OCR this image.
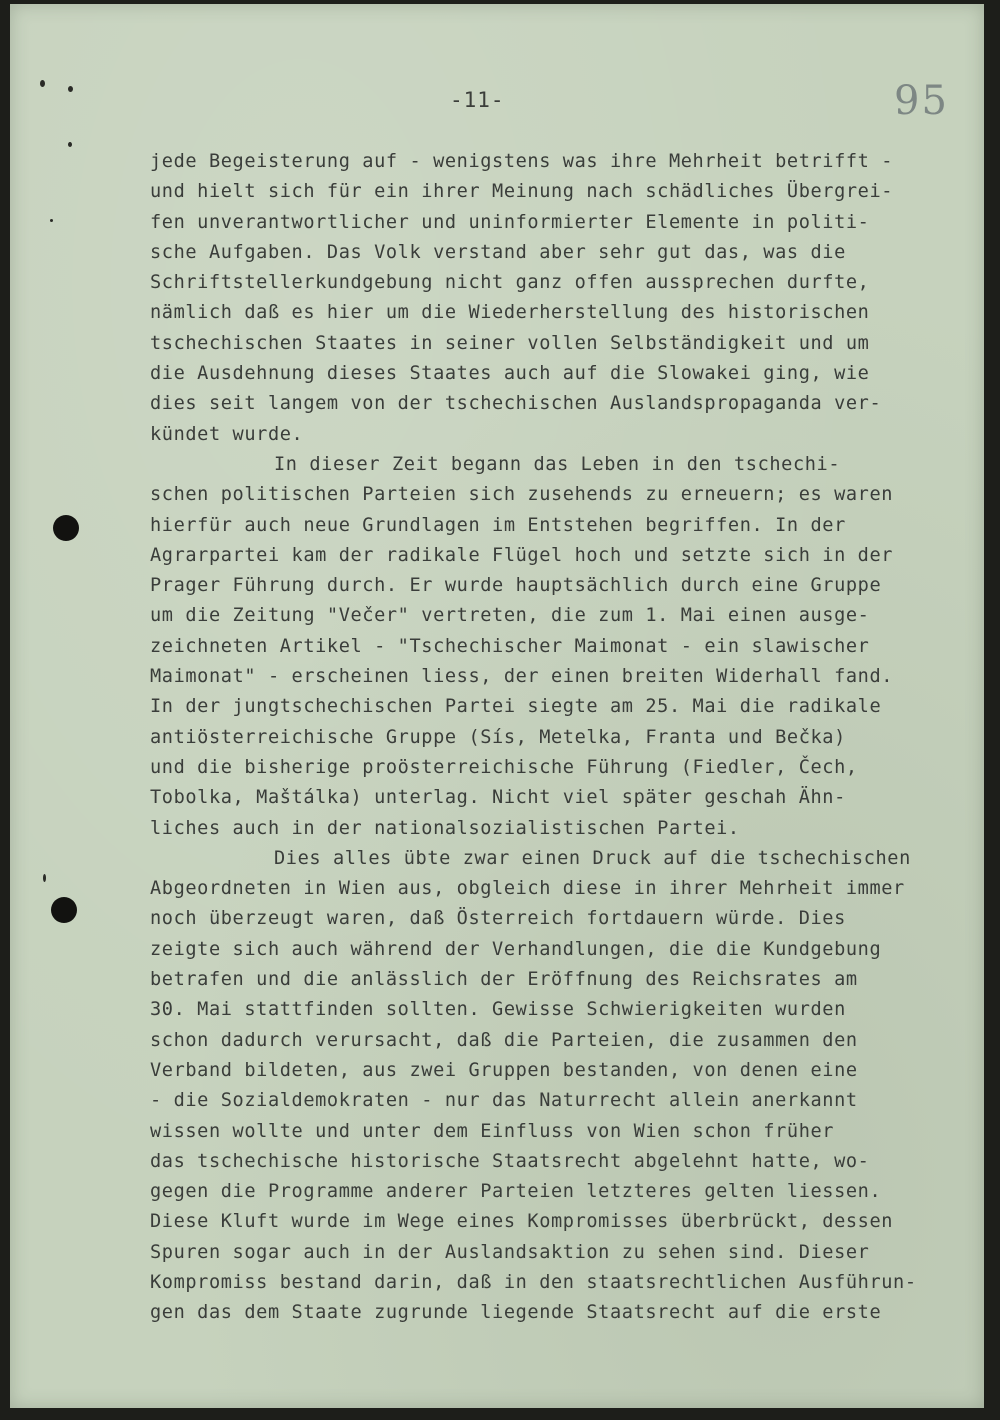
-11-	95
jede Begeisterung auf - wenigstens was ihre Mehrheit betrifft -
und hielt sich für ein ihrer Meinung nach schädliches Übergrei-
fen unverantwortlicher und uninformierter Elemente in politi-
sche Aufgaben. Das Volk verstand aber sehr gut das, was die
Schriftstellerkundgebung nicht ganz offen aussprechen durfte,
nämlich daß es hier um die Wiederherstellung des historischen
tschechischen Staates in seiner vollen Selbständigkeit und um
die Ausdehnung dieses Staates auch auf die Slowakei ging, wie
dies seit langem von der tschechischen Auslandspropaganda ver-
kündet wurde.
In dieser Zeit begann das Leben in den tschechi-
schen politischen Parteien sich zusehends zu erneuern; es waren
hierfür auch neue Grundlagen im Entstehen begriffen. In der
Agrarpartei kam der radikale Flügel hoch und setzte sich in der
Prager Führung durch. Er wurde hauptsächlich durch eine Gruppe
um die Zeitung "Večer" vertreten, die zum 1. Mai einen ausge-
zeichneten Artikel - "Tschechischer Maimonat - ein slawischer
Maimonat" - erscheinen liess, der einen breiten Widerhall fand.
In der jungtschechischen Partei siegte am 25. Mai die radikale
antiösterreichische Gruppe (Sís, Metelka, Franta und Bečka)
und die bisherige proösterreichische Führung (Fiedler, Čech,
Tobolka, Maštálka) unterlag. Nicht viel später geschah Ähn-
liches auch in der nationalsozialistischen Partei.
Dies alles übte zwar einen Druck auf die tschechischen
Abgeordneten in Wien aus, obgleich diese in ihrer Mehrheit immer
noch überzeugt waren, daß Österreich fortdauern würde. Dies
zeigte sich auch während der Verhandlungen, die die Kundgebung
betrafen und die anlässlich der Eröffnung des Reichsrates am
30. Mai stattfinden sollten. Gewisse Schwierigkeiten wurden
schon dadurch verursacht, daß die Parteien, die zusammen den
Verband bildeten, aus zwei Gruppen bestanden, von denen eine
- die Sozialdemokraten - nur das Naturrecht allein anerkannt
wissen wollte und unter dem Einfluss von Wien schon früher
das tschechische historische Staatsrecht abgelehnt hatte, wo-
gegen die Programme anderer Parteien letzteres gelten liessen.
Diese Kluft wurde im Wege eines Kompromisses überbrückt, dessen
Spuren sogar auch in der Auslandsaktion zu sehen sind. Dieser
Kompromiss bestand darin, daß in den staatsrechtlichen Ausführun-
gen das dem Staate zugrunde liegende Staatsrecht auf die erste
